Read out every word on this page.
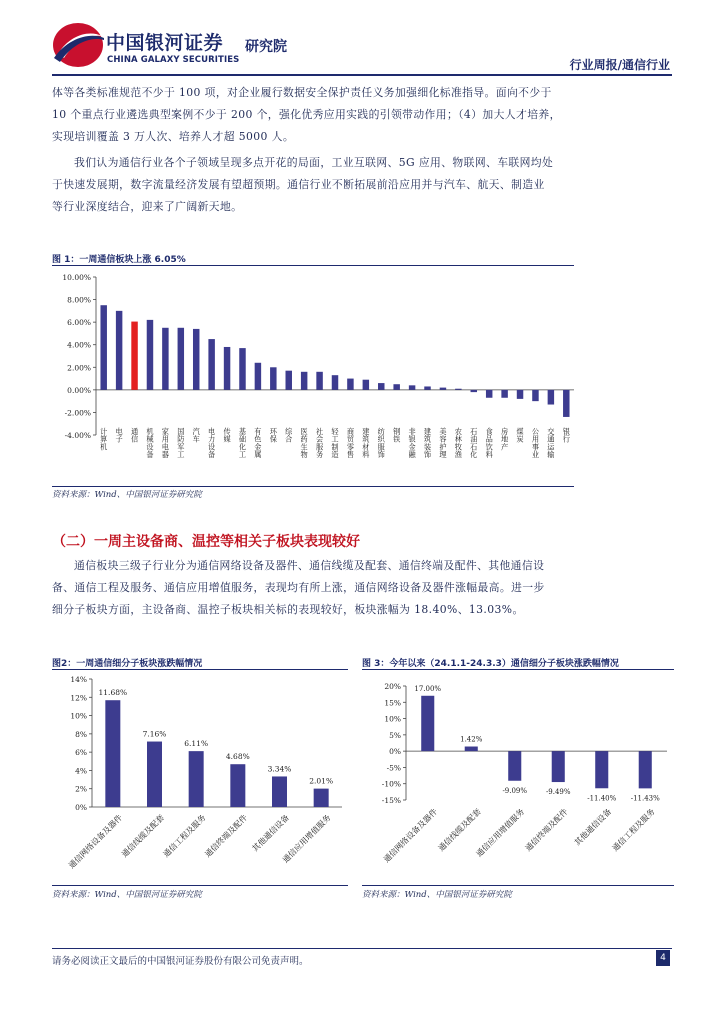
中国银河证券 研究院
CHINA GALAXY SECURITIES	行业周报/通信行业

体等各类标准规范不少于 100 项，对企业履行数据安全保护责任义务加强细化标准指导。面向不少于

10 个重点行业遴选典型案例不少于 200 个，强化优秀应用实践的引领带动作用；（4）加大人才培养，

实现培训覆盖 3 万人次、培养人才超 5000 人。

我们认为通信行业各个子领域呈现多点开花的局面，工业互联网、5G 应用、物联网、车联网均处

于快速发展期，数字流量经济发展有望超预期。通信行业不断拓展前沿应用并与汽车、航天、制造业

等行业深度结合，迎来了广阔新天地。

图 1：一周通信板块上涨 6.05%
10.00%
8.00%
6.00%
4.00%
2.00%
0.00%
-2.00%
-4.00% 计算机
电子
通信
机械设备
家用电器
国防军工
汽车
电力设备
传媒
基础化工
有色金属
环保
综合
医药生物
社会服务
轻工制造
商贸零售
建筑材料
纺织服饰
钢铁
非银金融
建筑装饰
美容护理
农林牧渔
石油石化
食品饮料
房地产
煤炭
公用事业
交通运输
银行
资料来源：Wind、中国银河证券研究院
（二）一周主设备商、温控等相关子板块表现较好

通信板块三级子行业分为通信网络设备及器件、通信线缆及配套、通信终端及配件、其他通信设

备、通信工程及服务、通信应用增值服务，表现均有所上涨，通信网络设备及器件涨幅最高。进一步

细分子板块方面，主设备商、温控子板块相关标的表现较好，板块涨幅为 18.40%、13.03%。

图2：一周通信细分子板块涨跌幅情况
14%
12%
10%
8%
6%
4%
2%
0%
11.68%
通信网络设备及器件
7.16%
通信线缆及配套
6.11%
通信工程及服务
4.68%
通信终端及配件
3.34%
其他通信设备
2.01%
通信应用增值服务
资料来源：Wind、中国银河证券研究院
图 3：今年以来（24.1.1-24.3.3）通信细分子板块涨跌幅情况
20%
15%
10%
5%
0%
-5%
-10%
-15%
17.00%
通信网络设备及器件
1.42%
通信线缆及配套
-9.09%
通信应用增值服务
-9.49%
通信终端及配件
-11.40%
其他通信设备
-11.43%
通信工程及服务
资料来源：Wind、中国银河证券研究院
请务必阅读正文最后的中国银河证券股份有限公司免责声明。	4
